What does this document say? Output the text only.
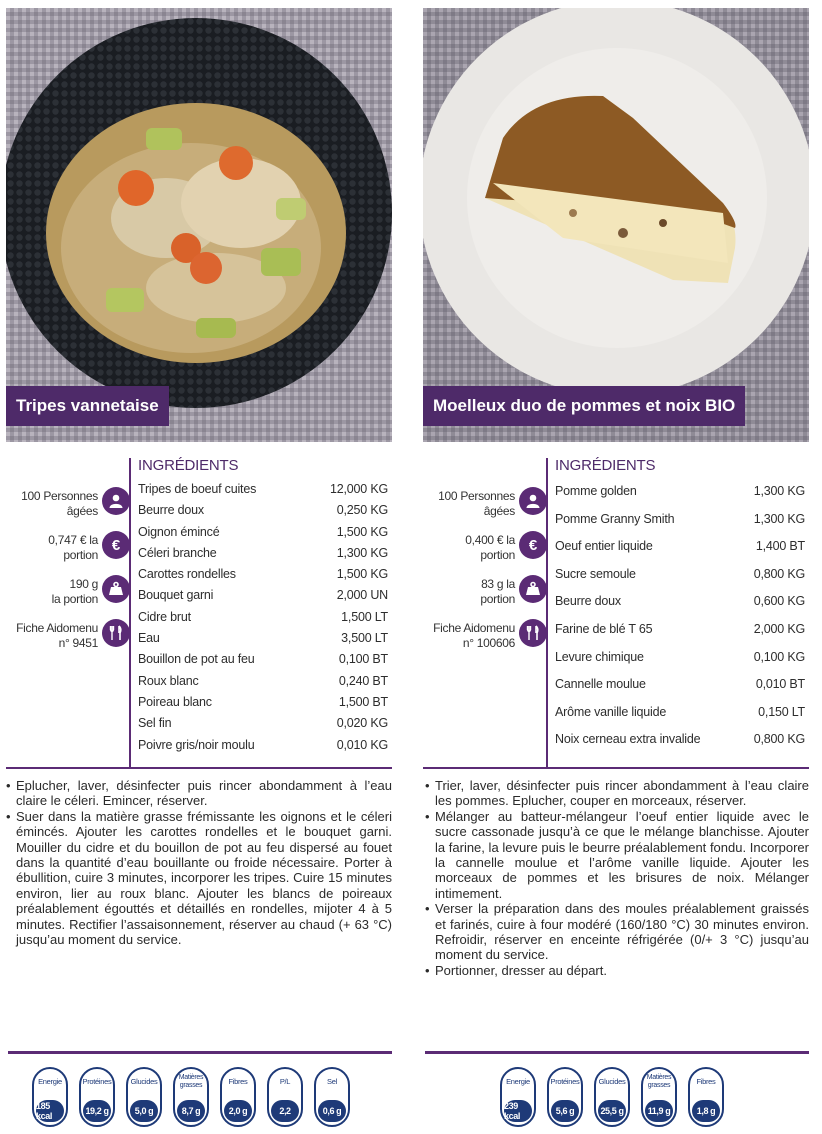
Tripes vannetaise
100 Personnes
âgées
0,747 € la
portion
€
190 g
la portion
Fiche Aidomenu
n° 9451
INGRÉDIENTS
Tripes de boeuf cuites	12,000 KG
Beurre doux	0,250 KG
Oignon émincé	1,500 KG
Céleri branche	1,300 KG
Carottes rondelles	1,500 KG
Bouquet garni	2,000 UN
Cidre brut	1,500 LT
Eau	3,500 LT
Bouillon de pot au feu	0,100 BT
Roux blanc	0,240 BT
Poireau blanc	1,500 BT
Sel fin	0,020 KG
Poivre gris/noir moulu	0,010 KG
• Eplucher, laver, désinfecter puis rincer abondamment à l’eau claire le céleri. Emincer, réserver.
• Suer dans la matière grasse frémissante les oignons et le céleri émincés. Ajouter les carottes rondelles et le bouquet garni. Mouiller du cidre et du bouillon de pot au feu dispersé au fouet dans la quantité d’eau bouillante ou froide nécessaire. Porter à ébullition, cuire 3 minutes, incorporer les tripes. Cuire 15 minutes environ, lier au roux blanc. Ajouter les blancs de poireaux préalablement égouttés et détaillés en rondelles, mijoter 4 à 5 minutes. Rectifier l’assaisonnement, réserver au chaud (+ 63 °C) jusqu’au moment du service.
Energie
185 kcal
Protéines
19,2 g
Glucides
5,0 g
Matières grasses
8,7 g
Fibres
2,0 g
P/L
2,2
Sel
0,6 g
Moelleux duo de pommes et noix BIO
100 Personnes
âgées
0,400 € la
portion
€
83 g la
portion
Fiche Aidomenu
n° 100606
INGRÉDIENTS
Pomme golden	1,300 KG
Pomme Granny Smith	1,300 KG
Oeuf entier liquide	1,400 BT
Sucre semoule	0,800 KG
Beurre doux	0,600 KG
Farine de blé T 65	2,000 KG
Levure chimique	0,100 KG
Cannelle moulue	0,010 BT
Arôme vanille liquide	0,150 LT
Noix cerneau extra invalide	0,800 KG
• Trier, laver, désinfecter puis rincer abondamment à l’eau claire les pommes. Eplucher, couper en morceaux, réserver.
• Mélanger au batteur-mélangeur l’oeuf entier liquide avec le sucre cassonade jusqu’à ce que le mélange blanchisse. Ajouter la farine, la levure puis le beurre préalablement fondu. Incorporer la cannelle moulue et l’arôme vanille liquide. Ajouter les morceaux de pommes et les brisures de noix. Mélanger intimement.
• Verser la préparation dans des moules préalablement graissés et farinés, cuire à four modéré (160/180 °C) 30 minutes environ. Refroidir, réserver en enceinte réfrigérée (0/+ 3 °C) jusqu’au moment du service.
• Portionner, dresser au départ.
Energie
239 kcal
Protéines
5,6 g
Glucides
25,5 g
Matières grasses
11,9 g
Fibres
1,8 g
